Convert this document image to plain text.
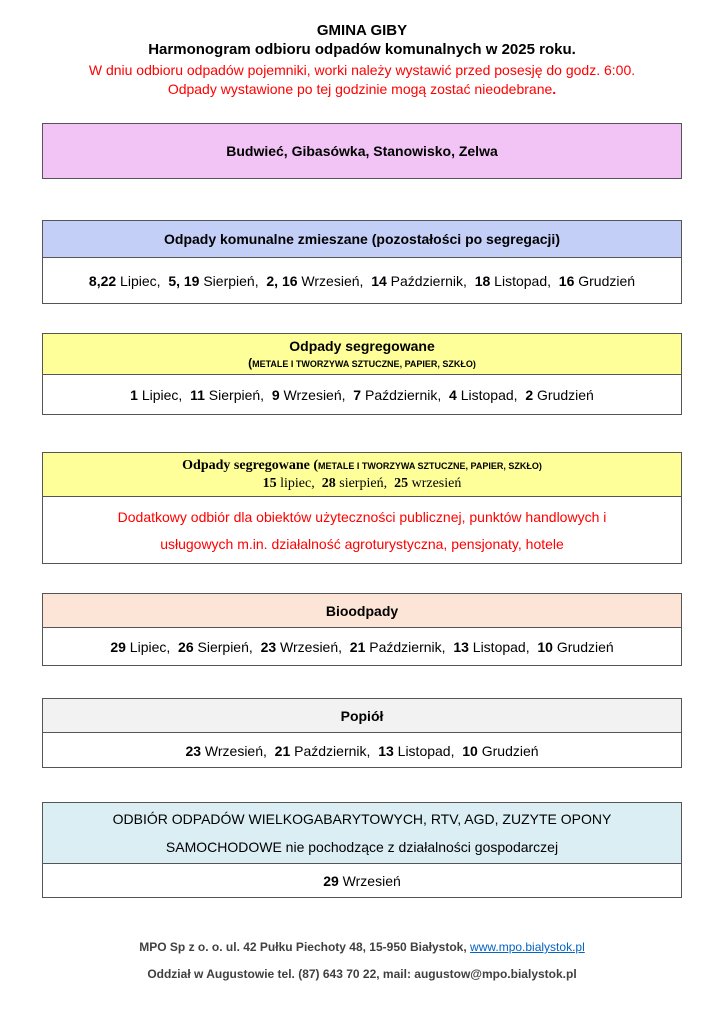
GMINA GIBY
Harmonogram odbioru odpadów komunalnych w 2025 roku.
W dniu odbioru odpadów pojemniki, worki należy wystawić przed posesję do godz. 6:00.
Odpady wystawione po tej godzinie mogą zostać nieodebrane.
Budwieć, Gibasówka, Stanowisko, Zelwa
Odpady komunalne zmieszane (pozostałości po segregacji)
8,22 Lipiec,
5, 19 Sierpień,
2, 16 Wrzesień,
14 Październik,
18 Listopad,
16 Grudzień
Odpady segregowane
(METALE I TWORZYWA SZTUCZNE, PAPIER, SZKŁO)
1 Lipiec,
11 Sierpień,
9 Wrzesień,
7 Październik,
4 Listopad,
2 Grudzień
Odpady segregowane (METALE I TWORZYWA SZTUCZNE, PAPIER, SZKŁO)
15 lipiec, 28 sierpień, 25 wrzesień
Dodatkowy odbiór dla obiektów użyteczności publicznej, punktów handlowych i
usługowych m.in. działalność agroturystyczna, pensjonaty, hotele
Bioodpady
29 Lipiec,
26 Sierpień,
23 Wrzesień,
21 Październik,
13 Listopad,
10 Grudzień
Popiół
23 Wrzesień,
21 Październik,
13 Listopad,
10 Grudzień
ODBIÓR ODPADÓW WIELKOGABARYTOWYCH, RTV, AGD, ZUZYTE OPONY
SAMOCHODOWE nie pochodzące z działalności gospodarczej
29 Wrzesień
MPO Sp z o. o. ul. 42 Pułku Piechoty 48, 15-950 Białystok, www.mpo.bialystok.pl
Oddział w Augustowie tel. (87) 643 70 22, mail: augustow@mpo.bialystok.pl
